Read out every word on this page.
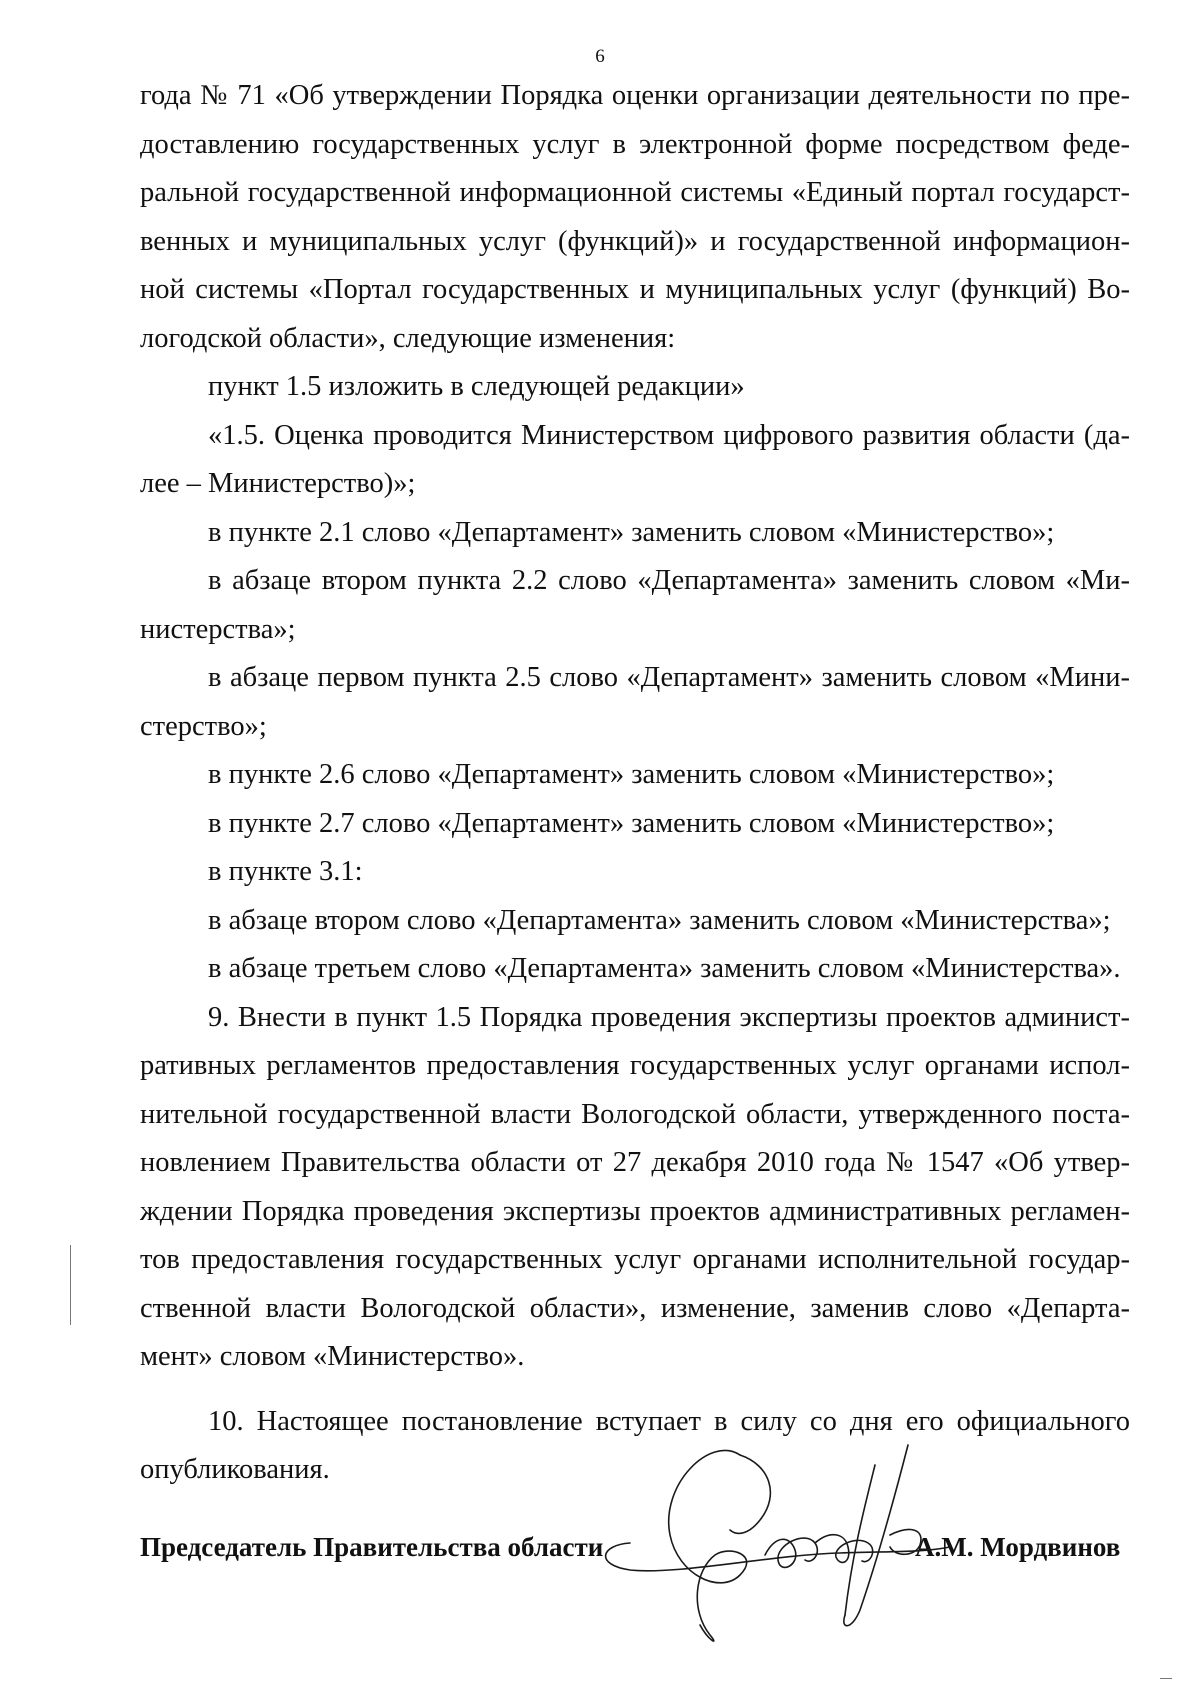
6
года № 71 «Об утверждении Порядка оценки организации деятельности по пре-
доставлению государственных услуг в электронной форме посредством феде-
ральной государственной информационной системы «Единый портал государст-
венных и муниципальных услуг (функций)» и государственной информацион-
ной системы «Портал государственных и муниципальных услуг (функций) Во-
логодской области», следующие изменения:
пункт 1.5 изложить в следующей редакции»
«1.5. Оценка проводится Министерством цифрового развития области (да-
лее – Министерство)»;
в пункте 2.1 слово «Департамент» заменить словом «Министерство»;
в абзаце втором пункта 2.2 слово «Департамента» заменить словом «Ми-
нистерства»;
в абзаце первом пункта 2.5 слово «Департамент» заменить словом «Мини-
стерство»;
в пункте 2.6 слово «Департамент» заменить словом «Министерство»;
в пункте 2.7 слово «Департамент» заменить словом «Министерство»;
в пункте 3.1:
в абзаце втором слово «Департамента» заменить словом «Министерства»;
в абзаце третьем слово «Департамента» заменить словом «Министерства».
9. Внести в пункт 1.5 Порядка проведения экспертизы проектов админист-
ративных регламентов предоставления государственных услуг органами испол-
нительной государственной власти Вологодской области, утвержденного поста-
новлением Правительства области от 27 декабря 2010 года № 1547 «Об утвер-
ждении Порядка проведения экспертизы проектов административных регламен-
тов предоставления государственных услуг органами исполнительной государ-
ственной власти Вологодской области», изменение, заменив слово «Департа-
мент» словом «Министерство».
10. Настоящее постановление вступает в силу со дня его официального
опубликования.
Председатель Правительства области	А.М. Мордвинов
